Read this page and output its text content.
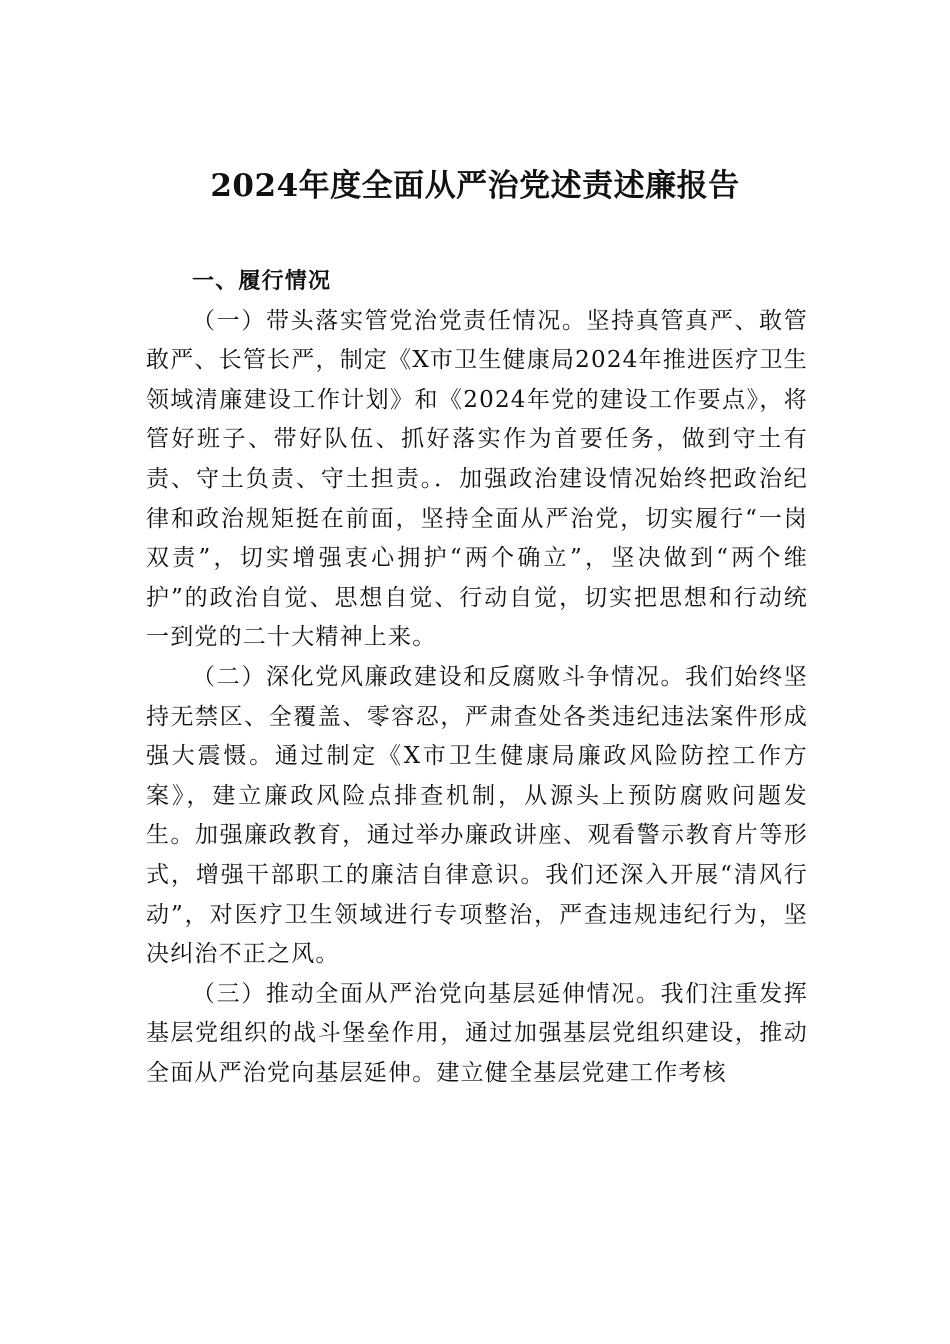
2024年度全面从严治党述责述廉报告

一、履行情况

（一）带头落实管党治党责任情况。坚持真管真严、敢管敢严、长管长严，制定《X市卫生健康局2024年推进医疗卫生领域清廉建设工作计划》和《2024年党的建设工作要点》，将管好班子、带好队伍、抓好落实作为首要任务，做到守土有责、守土负责、守土担责。．加强政治建设情况始终把政治纪律和政治规矩挺在前面，坚持全面从严治党，切实履行“一岗双责”，切实增强衷心拥护“两个确立”，坚决做到“两个维护”的政治自觉、思想自觉、行动自觉，切实把思想和行动统一到党的二十大精神上来。

（二）深化党风廉政建设和反腐败斗争情况。我们始终坚持无禁区、全覆盖、零容忍，严肃查处各类违纪违法案件形成强大震慑。通过制定《X市卫生健康局廉政风险防控工作方案》，建立廉政风险点排查机制，从源头上预防腐败问题发生。加强廉政教育，通过举办廉政讲座、观看警示教育片等形式，增强干部职工的廉洁自律意识。我们还深入开展“清风行动”，对医疗卫生领域进行专项整治，严查违规违纪行为，坚决纠治不正之风。

（三）推动全面从严治党向基层延伸情况。我们注重发挥基层党组织的战斗堡垒作用，通过加强基层党组织建设，推动全面从严治党向基层延伸。建立健全基层党建工作考核
